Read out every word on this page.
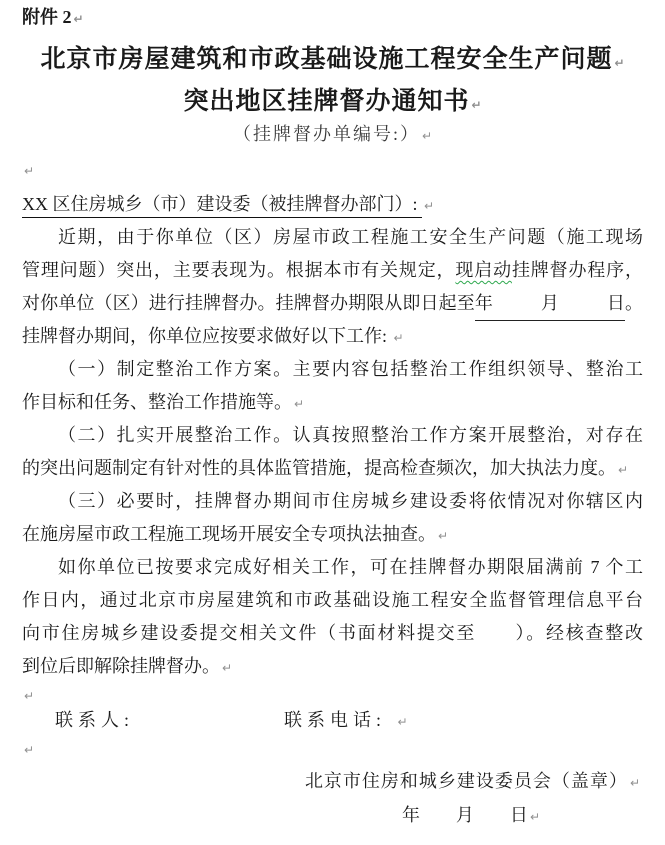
附件 2 ↵
北京市房屋建筑和市政基础设施工程安全生产问题 ↵
突出地区挂牌督办通知书 ↵
（挂牌督办单编号:） ↵
↵
XX 区住房城乡（市）建设委（被挂牌督办部门）: ↵
近期，由于你单位（区）房屋市政工程施工安全生产问题（施工现场
管理问题）突出，主要表现为。根据本市有关规定，现启动挂牌督办程序，
对你单位（区）进行挂牌督办。挂牌督办期限从即日起至年　　月　　日。
挂牌督办期间，你单位应按要求做好以下工作: ↵
（一）制定整治工作方案。主要内容包括整治工作组织领导、整治工
作目标和任务、整治工作措施等。 ↵
（二）扎实开展整治工作。认真按照整治工作方案开展整治，对存在
的突出问题制定有针对性的具体监管措施，提高检查频次，加大执法力度。 ↵
（三）必要时，挂牌督办期间市住房城乡建设委将依情况对你辖区内
在施房屋市政工程施工现场开展安全专项执法抽查。 ↵
如你单位已按要求完成好相关工作，可在挂牌督办期限届满前 7 个工
作日内，通过北京市房屋建筑和市政基础设施工程安全监督管理信息平台
向市住房城乡建设委提交相关文件（书面材料提交至　　）。经核查整改
到位后即解除挂牌督办。 ↵
↵
联系人:	联系电话: ↵
↵
北京市住房和城乡建设委员会（盖章） ↵
年　　月　　日 ↵
